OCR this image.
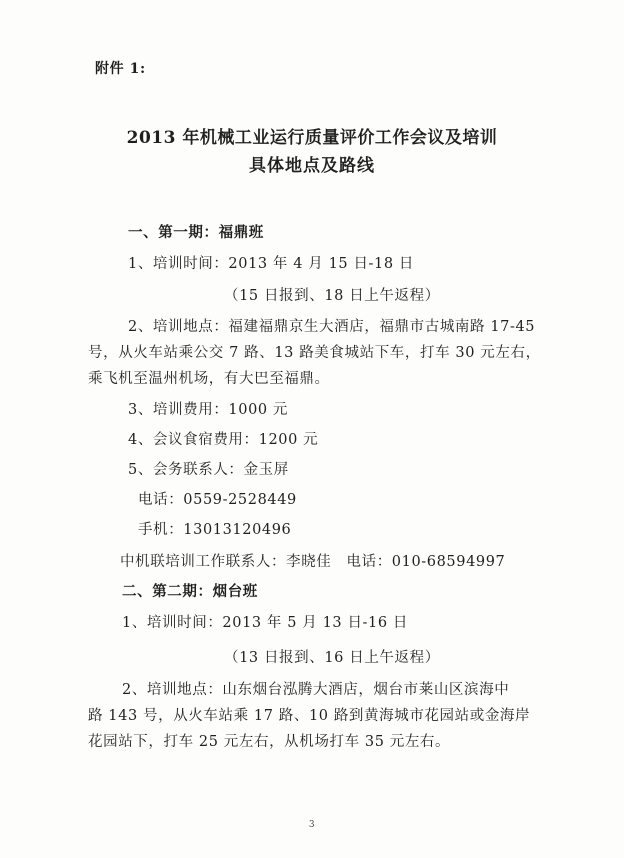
附件 1:
2013 年机械工业运行质量评价工作会议及培训
具体地点及路线
一、第一期：福鼎班
1、培训时间：2013 年 4 月 15 日-18 日
（15 日报到、18 日上午返程）
2、培训地点：福建福鼎京生大酒店，福鼎市古城南路 17-45
号，从火车站乘公交 7 路、13 路美食城站下车，打车 30 元左右，
乘飞机至温州机场，有大巴至福鼎。
3、培训费用：1000 元
4、会议食宿费用：1200 元
5、会务联系人：金玉屏
电话：0559-2528449
手机：13013120496
中机联培训工作联系人：李晓佳　电话：010-68594997
二、第二期：烟台班
1、培训时间：2013 年 5 月 13 日-16 日
（13 日报到、16 日上午返程）
2、培训地点：山东烟台泓腾大酒店，烟台市莱山区滨海中
路 143 号，从火车站乘 17 路、10 路到黄海城市花园站或金海岸
花园站下，打车 25 元左右，从机场打车 35 元左右。
3
